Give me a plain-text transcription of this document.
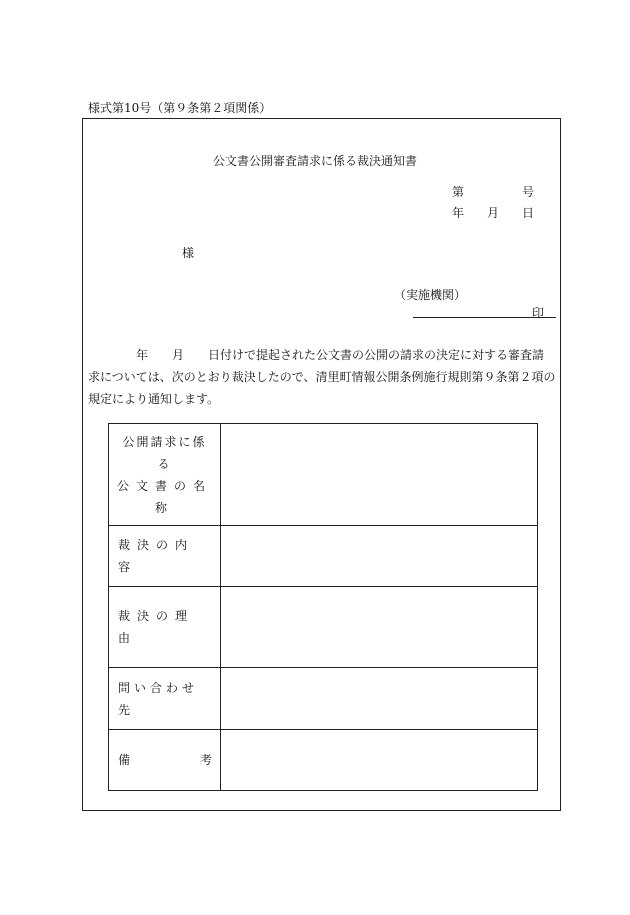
様式第10号（第９条第２項関係）
公文書公開審査請求に係る裁決通知書
第	号
年 月 日
様
（実施機関）
印
　　　　年　　月　　日付けで提起された公文書の公開の請求の決定に対する審査請
求については、次のとおり裁決したので、清里町情報公開条例施行規則第９条第２項の
規定により通知します。
公開請求に係る
公文書の名称
裁決の内容
裁決の理由
問い合わせ先
備	考
